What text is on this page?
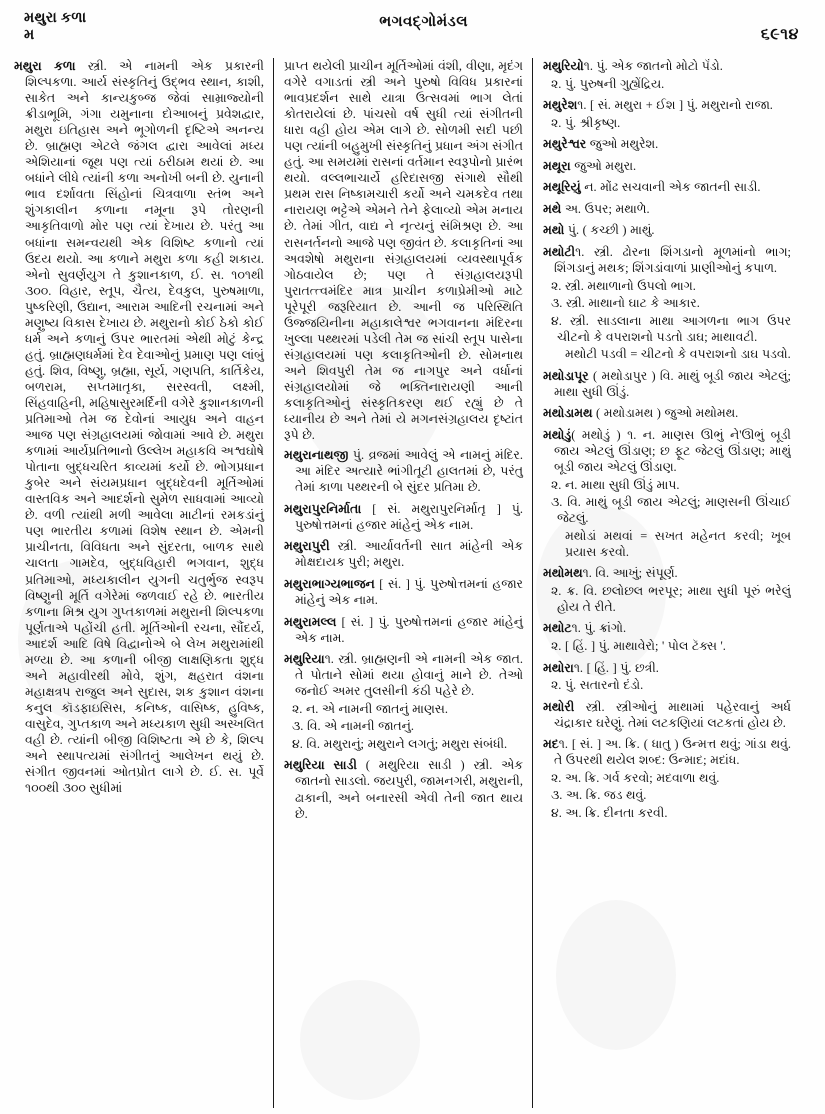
મથુરા કળા
મ
ભગવદ્ગોમંડલ
૬૯૧૪
મથુરા કળા સ્ત્રી. એ નામની એક પ્રકારની શિલ્પકળા. આર્ય સંસ્કૃતિનું ઉદ્ભવ સ્થાન, કાશી, સાકેત અને કાન્યકુબ્જ જેવાં સામ્રાજ્યોની ક્રીડાભૂમિ, ગંગા યમુનાના દોઆબનું પ્રવેશદ્વાર, મથુરા ઇતિહાસ અને ભૂગોળની દૃષ્ટિએ અનન્ય છે. બ્રાહ્મણ એટલે જંગલ દ્વારા આવેલાં મધ્ય એશિયાનાં જૂથ પણ ત્યાં ઠરીઠામ થયાં છે. આ બધાંને લીધે ત્યાંની કળા અનોખી બની છે. યુનાની ભાવ દર્શાવતા સિંહોનાં ચિત્રવાળા સ્તંભ અને શુંગકાલીન કળાના નમૂના રૂપે તોરણની આકૃતિવાળો મોર પણ ત્યાં દેખાય છે. પરંતુ આ બધાંના સમન્વયથી એક વિશિષ્ટ કળાનો ત્યાં ઉદય થયો. આ કળાને મથુરા કળા કહી શકાય. એનો સુવર્ણયુગ તે કુશાનકાળ, ઈ. સ. ૧૦૧થી ૩૦૦. વિહાર, સ્તૂપ, ચૈત્ય, દેવકુલ, પુરુષમાળા, પુષ્કરિણી, ઉદ્યાન, આરામ આદિની રચનામાં અને મણુષ્ય વિકાસ દેખાય છે. મથુરાનો કોઈ ઠેકો કોઈ ધર્મ અને કળાનું ઉપર ભારતમાં એથી મોટું કેન્દ્ર હતું. બ્રાહ્મણધર્મમાં દેવ દેવાઓનું પ્રમાણ પણ લાંબું હતું. શિવ, વિષ્ણુ, બ્રહ્મા, સૂર્ય, ગણપતિ, કાર્તિકેય, બળરામ, સપ્તમાતૃકા, સરસ્વતી, લક્ષ્મી, સિંહવાહિની, મહિષાસુરમર્દિની વગેરે કુશાનકાળની પ્રતિમાઓ તેમ જ દેવોનાં આયુધ અને વાહન આજ પણ સંગ્રહાલયમાં જોવામાં આવે છે. મથુરા કળામાં આર્યપ્રતિભાનો ઉલ્લેખ મહાકવિ અશ્વઘોષે પોતાના બુદ્ધચરિત કાવ્યમાં કર્યો છે. ભોગપ્રધાન કુબેર અને સંયમપ્રધાન બુદ્ધદેવની મૂર્તિઓમાં વાસ્તવિક અને આદર્શનો સુમેળ સાધવામાં આવ્યો છે. વળી ત્યાંથી મળી આવેલા માટીનાં રમકડાંનું પણ ભારતીય કળામાં વિશેષ સ્થાન છે. એમની પ્રાચીનતા, વિવિધતા અને સુંદરતા, બાળક સાથે ચાલતા ગામદેવ, બુદ્ધવિહારી ભગવાન, શુદ્ધ પ્રતિમાઓ, મધ્યકાલીન યુગની ચતુર્ભુજ સ્વરૂપ વિષ્ણુની મૂર્તિ વગેરેમાં જળવાઈ રહે છે. ભારતીય કળાના મિશ્ર યુગ ગુપ્તકાળમાં મથુરાની શિલ્પકળા પૂર્ણતાએ પહોંચી હતી. મૂર્તિઓની રચના, સૌંદર્ય, આદર્શ આદિ વિષે વિદ્વાનોએ બે લેખ મથુરામાંથી મળ્યા છે. આ કળાની બીજી લાક્ષણિકતા શુદ્ધ અને મહાવીરથી મોવે, શુંગ, ક્ષહરાત વંશના મહાક્ષત્રપ રાજુલ અને સુદાસ, શક કુશાન વંશના કનુલ કૉડફાઇસિસ, કનિષ્ક, વાસિષ્ક, હુવિષ્ક, વાસુદેવ, ગુપ્તકાળ અને મધ્યકાળ સુધી અસ્ખલિત વહી છે. ત્યાંની બીજી વિશિષ્ટતા એ છે કે, શિલ્પ અને સ્થાપત્યમાં સંગીતનું આલેખન થયું છે. સંગીત જીવનમાં ઓતપ્રોત લાગે છે. ઈ. સ. પૂર્વે ૧૦૦થી ૩૦૦ સુધીમાં
પ્રાપ્ત થયેલી પ્રાચીન મૂર્તિઓમાં વંશી, વીણા, મૃદંગ વગેરે વગાડતાં સ્ત્રી અને પુરુષો વિવિધ પ્રકારનાં ભાવપ્રદર્શન સાથે યાત્રા ઉત્સવમાં ભાગ લેતાં કોતરાયેલાં છે. પાંચસો વર્ષ સુધી ત્યાં સંગીતની ધારા વહી હોય એમ લાગે છે. સોળમી સદી પછી પણ ત્યાંની બહુમુખી સંસ્કૃતિનું પ્રધાન અંગ સંગીત હતું. આ સમયમાં રાસનાં વર્તમાન સ્વરૂપોનો પ્રારંભ થયો. વલ્લભાચાર્યે હરિદાસજી સંગાથે સૌથી પ્રથમ રાસ નિષ્કામચારી કર્યો અને ચમકદેવ તથા નારાયણ ભટ્ટેએ એમને તેને ફેલાવ્યો એમ મનાય છે. તેમાં ગીત, વાદ્ય ને નૃત્યનું સંમિશ્રણ છે. આ રાસનર્તનનો આજે પણ જીવંત છે. કલાકૃતિનાં આ અવશેષો મથુરાના સંગ્રહાલયમાં વ્યવસ્થાપૂર્વક ગોઠવાયેલ છે; પણ તે સંગ્રહાલયરૂપી પુરાતત્ત્વમંદિર માત્ર પ્રાચીન કળાપ્રેમીઓ માટે પૂરેપૂરી જરૂરિયાત છે. આની જ પરિસ્થિતિ ઉજ્જયિનીના મહાકાલેશ્વર ભગવાનના મંદિરના ખુલ્લા પથ્થરમાં પડેલી તેમ જ સાંચી સ્તૂપ પાસેના સંગ્રહાલયમાં પણ કલાકૃતિઓની છે. સોમનાથ અને શિવપુરી તેમ જ નાગપુર અને વર્ધાનાં સંગ્રહાલયોમાં જે ભક્તિનારાયણી આની કલાકૃતિઓનું સંસ્કૃતિકરણ થઈ રહ્યું છે તે ધ્યાનીય છે અને તેમાં યે મગનસંગ્રહાલય દૃષ્ટાંત રૂપે છે.
મથુરાનાથજી પું. વ્રજમાં આવેલું એ નામનું મંદિર. આ મંદિર અત્યારે ભાંગીતૂટી હાલતમાં છે, પરંતુ તેમાં કાળા પથ્થરની બે સુંદર પ્રતિમા છે.
મથુરાપુરનિર્માતા [ સં. મથુરાપુરનિર્માતૃ ] પું. પુરુષોત્તમનાં હજાર માંહેનું એક નામ.
મથુરાપુરી સ્ત્રી. આર્યાવર્તની સાત માંહેની એક મોક્ષદાયક પુરી; મથુરા.
મથુરાભાગ્યભાજન [ સં. ] પું. પુરુષોત્તમનાં હજાર માંહેનું એક નામ.
મથુરામલ્લ [ સં. ] પું. પુરુષોત્તમનાં હજાર માંહેનું એક નામ.
મથુરિયા૧. સ્ત્રી. બ્રાહ્મણની એ નામની એક જાત. તે પોતાને સોમાં થયા હોવાનું માને છે. તેઓ જનોઈ અમર તુલસીની કંઠી પહેરે છે.
૨. ન. એ નામની જાતનું માણસ.
૩. વિ. એ નામની જાતનું.
૪. વિ. મથુરાનું; મથુરાને લગતું; મથુરા સંબંધી.
મથુરિયા સાડી ( મથુરિયા સાડી ) સ્ત્રી. એક જાતનો સાડલો. જયપુરી, જામનગરી, મથુરાની, ઢાકાની, અને બનારસી એવી તેની જાત થાય છે.
મથુરિયો૧. પું. એક જાતનો મોટો પૅંડો.
૨. પું. પુરુષની ગુહ્યેંદ્રિય.
મથુરેશ૧. [ સં. મથુરા + ઈશ ] પું. મથુરાનો રાજા.
૨. પું. શ્રીકૃષ્ણ.
મથુરેશ્વર જુઓ મથુરેશ.
મથૂરા જુઓ મથુરા.
મથૂરિયું ન. મોંઢ સચવાની એક જાતની સાડી.
મથે અ. ઉપર; મથાળે.
મથો પું. ( કચ્છી ) માથું.
મથોટી૧. સ્ત્રી. ઢોરના શિંગડાનો મૂળમાંનો ભાગ; શિંગડાનું મથક; શિંગડાંવાળાં પ્રાણીઓનું કપાળ.
૨. સ્ત્રી. મથાળાનો ઉપલો ભાગ.
૩. સ્ત્રી. માથાનો ઘાટ કે આકાર.
૪. સ્ત્રી. સાડલાના માથા આગળના ભાગ ઉપર ચીટનો કે વપરાશનો પડતો ડાઘ; માથાવટી.
મથોટી પડવી = ચીટનો કે વપરાશનો ડાઘ પડવો.
મથોડાપૂર ( મથોડાપુર ) વિ. માથું બૂડી જાય એટલું; માથા સુધી ઊંડું.
મથોડામથ ( મથોડામથ ) જુઓ મથોમથ.
મથોડું( મથોડું ) ૧. ન. માણસ ઊભું ને'ઊભું બૂડી જાય એટલું ઊંડાણ; છ ફૂટ જેટલું ઊંડાણ; માથું બૂડી જાય એટલું ઊંડાણ.
૨. ન. માથા સુધી ઊંડું માપ.
૩. વિ. માથું બૂડી જાય એટલું; માણસની ઊંચાઈ જેટલું.
મથોડાં મથવાં = સખત મહેનત કરવી; ખૂબ પ્રયાસ કરવો.
મથોમથ૧. વિ. આખું; સંપૂર્ણ.
૨. ક્ર. વિ. છલોછલ ભરપૂર; માથા સુધી પૂરું ભરેલું હોય તે રીતે.
મથોટ૧. પું. ક્રાંગો.
૨. [ હિં. ] પું. માથાવેરો; ' પોલ ટૅક્સ '.
મથોરા૧. [ હિં. ] પું. છત્રી.
૨. પું. સતારનો દંડો.
મથોરી સ્ત્રી. સ્ત્રીઓનું માથામાં પહેરવાનું અર્ધ ચંદ્રાકાર ઘરેણું. તેમાં લટકણિયાં લટકતાં હોય છે.
મદ૧. [ સં. ] અ. ક્રિ. ( ધાતુ ) ઉન્મત્ત થવું; ગાંડા થવું. તે ઉપરથી થયેલ શબ્દ: ઉન્માદ; મદાંધ.
૨. અ. ક્રિ. ગર્વ કરવો; મદવાળા થવું.
૩. અ. ક્રિ. જડ થવું.
૪. અ. ક્રિ. દીનતા કરવી.
